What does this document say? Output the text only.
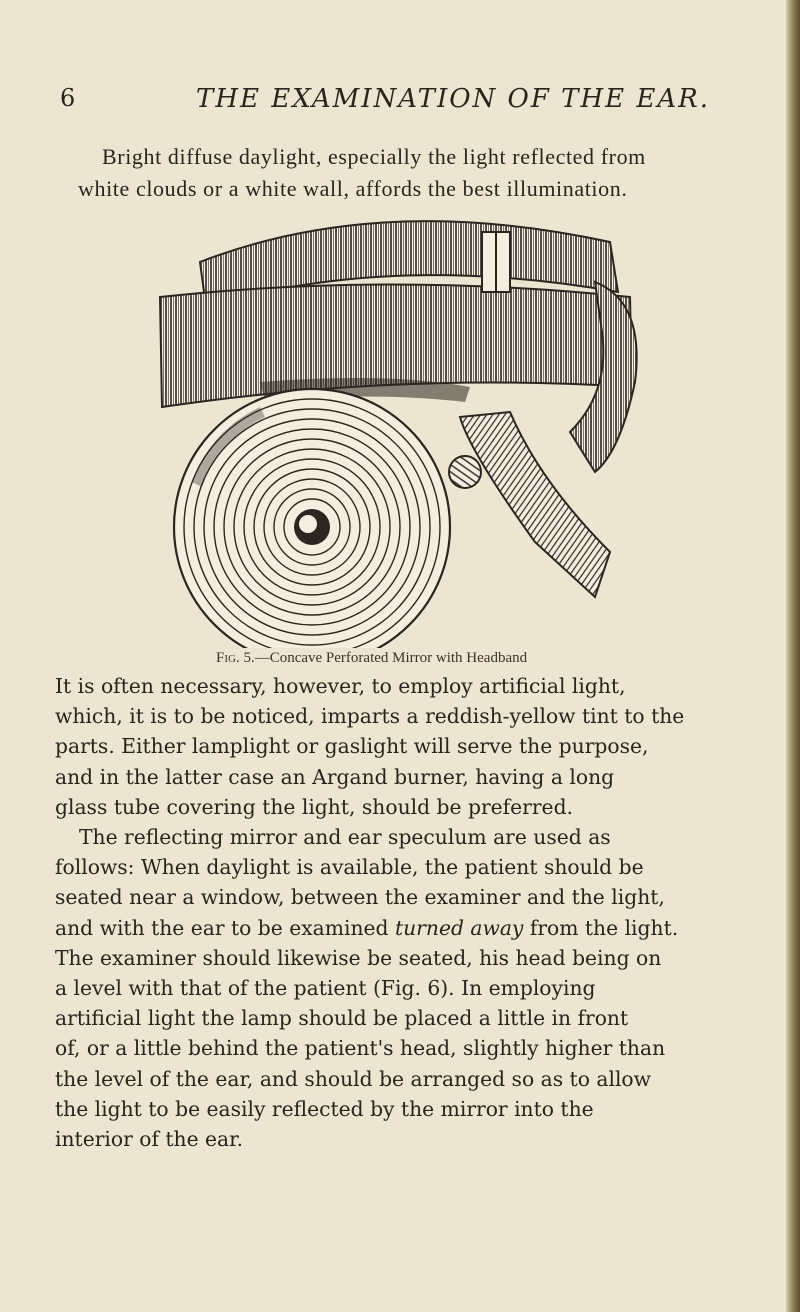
6	THE EXAMINATION OF THE EAR.

Bright diffuse daylight, especially the light reflected from
white clouds or a white wall, affords the best illumination.

Fig. 5.—Concave Perforated Mirror with Headband

It is often necessary, however, to employ artificial light,
which, it is to be noticed, imparts a reddish-yellow tint to the
parts. Either lamplight or gaslight will serve the purpose,
and in the latter case an Argand burner, having a long
glass tube covering the light, should be preferred.

The reflecting mirror and ear speculum are used as
follows: When daylight is available, the patient should be
seated near a window, between the examiner and the light,
and with the ear to be examined turned away from the light.
The examiner should likewise be seated, his head being on
a level with that of the patient (Fig. 6). In employing
artificial light the lamp should be placed a little in front
of, or a little behind the patient's head, slightly higher than
the level of the ear, and should be arranged so as to allow
the light to be easily reflected by the mirror into the
interior of the ear.
